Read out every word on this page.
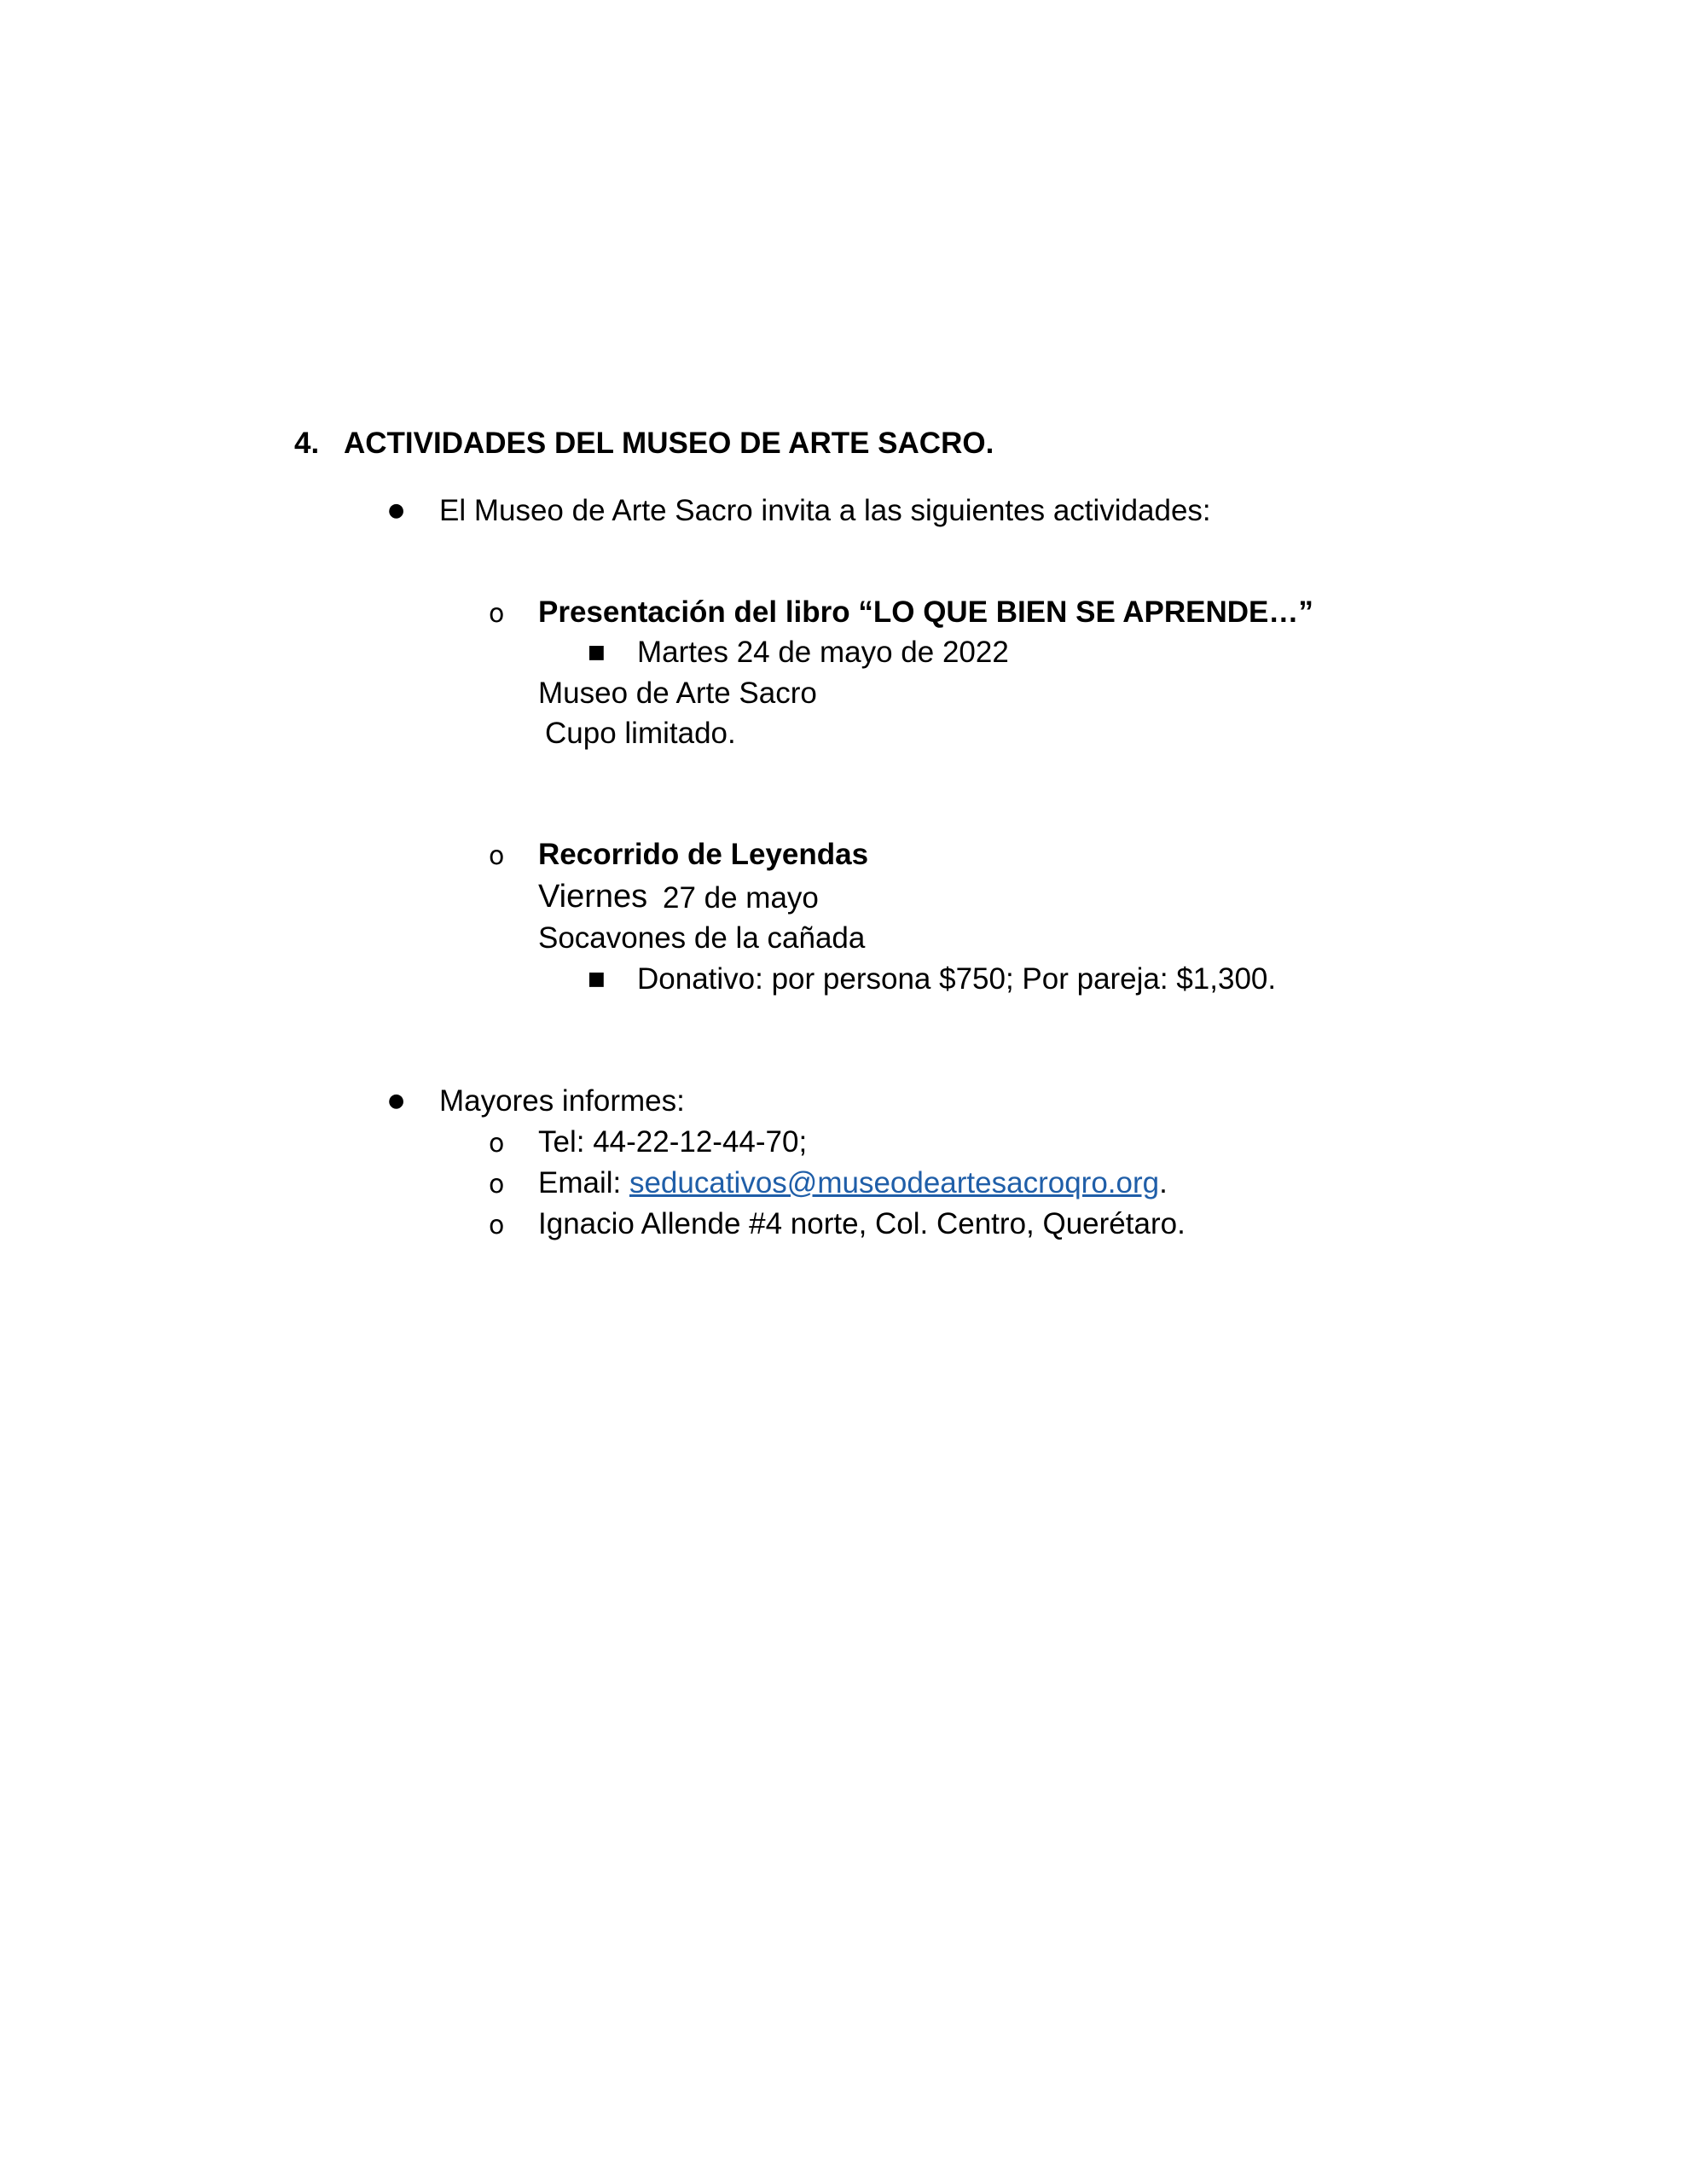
4. ACTIVIDADES DEL MUSEO DE ARTE SACRO.
● El Museo de Arte Sacro invita a las siguientes actividades:
o Presentación del libro “LO QUE BIEN SE APRENDE…”
■ Martes 24 de mayo de 2022
Museo de Arte Sacro
Cupo limitado.
o Recorrido de Leyendas
Viernes 27 de mayo
Socavones de la cañada
■ Donativo: por persona $750; Por pareja: $1,300.
● Mayores informes:
o Tel: 44-22-12-44-70;
o Email: seducativos@museodeartesacroqro.org.
o Ignacio Allende #4 norte, Col. Centro, Querétaro.
